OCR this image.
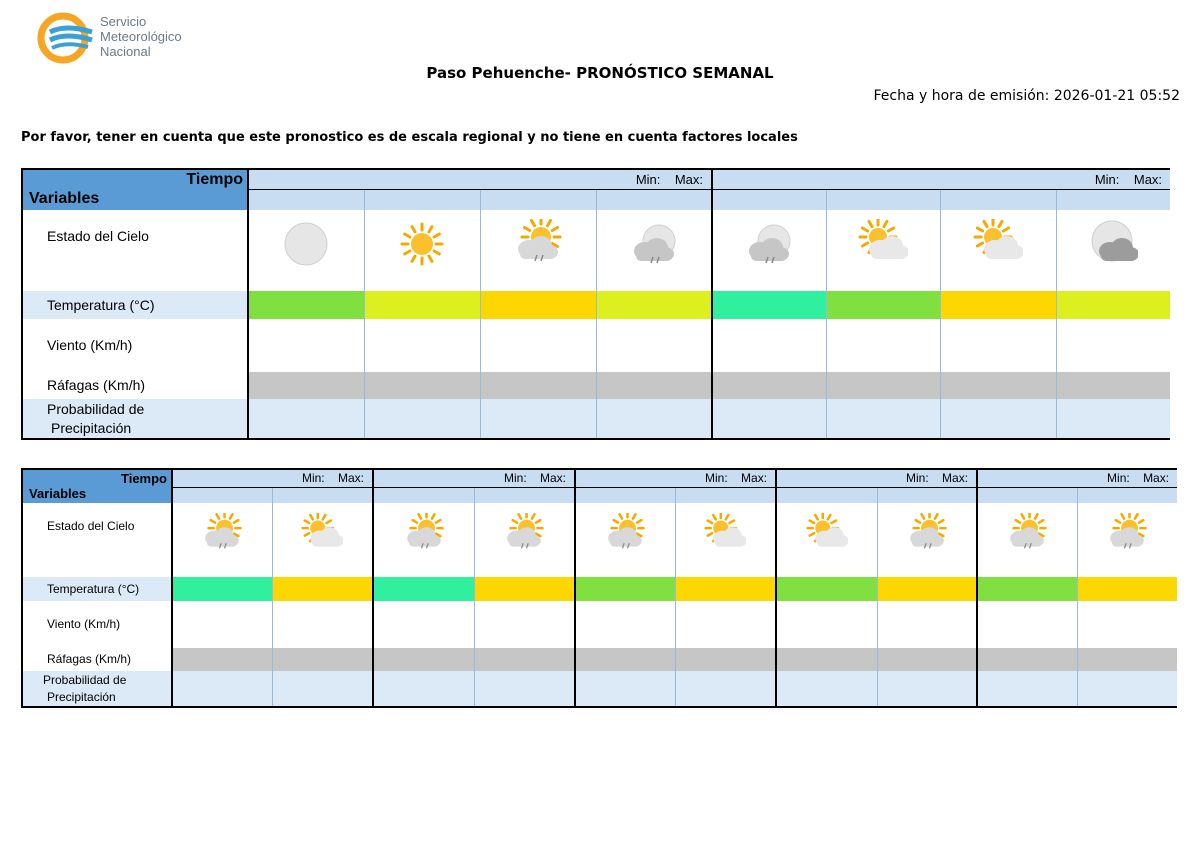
Servicio
Meteorológico
Nacional
Paso Pehuenche- PRONÓSTICO SEMANAL
Fecha y hora de emisión: 2026-01-21 05:52
Por favor, tener en cuenta que este pronostico es de escala regional y no tiene en cuenta factores locales
Tiempo
Variables	Min: Max:				Min: Max:			

Estado del Cielo	

Temperatura (°C)								
Viento (Km/h)	

Ráfagas (Km/h)								

Probabilidad de
Precipitación								

Tiempo
Variables	Min: Max:		Min: Max:		Min: Max:		Min: Max:		Min: Max:	

Estado del Cielo	

Temperatura (°C)										
Viento (Km/h)	

Ráfagas (Km/h)										

Probabilidad de
Precipitación										
